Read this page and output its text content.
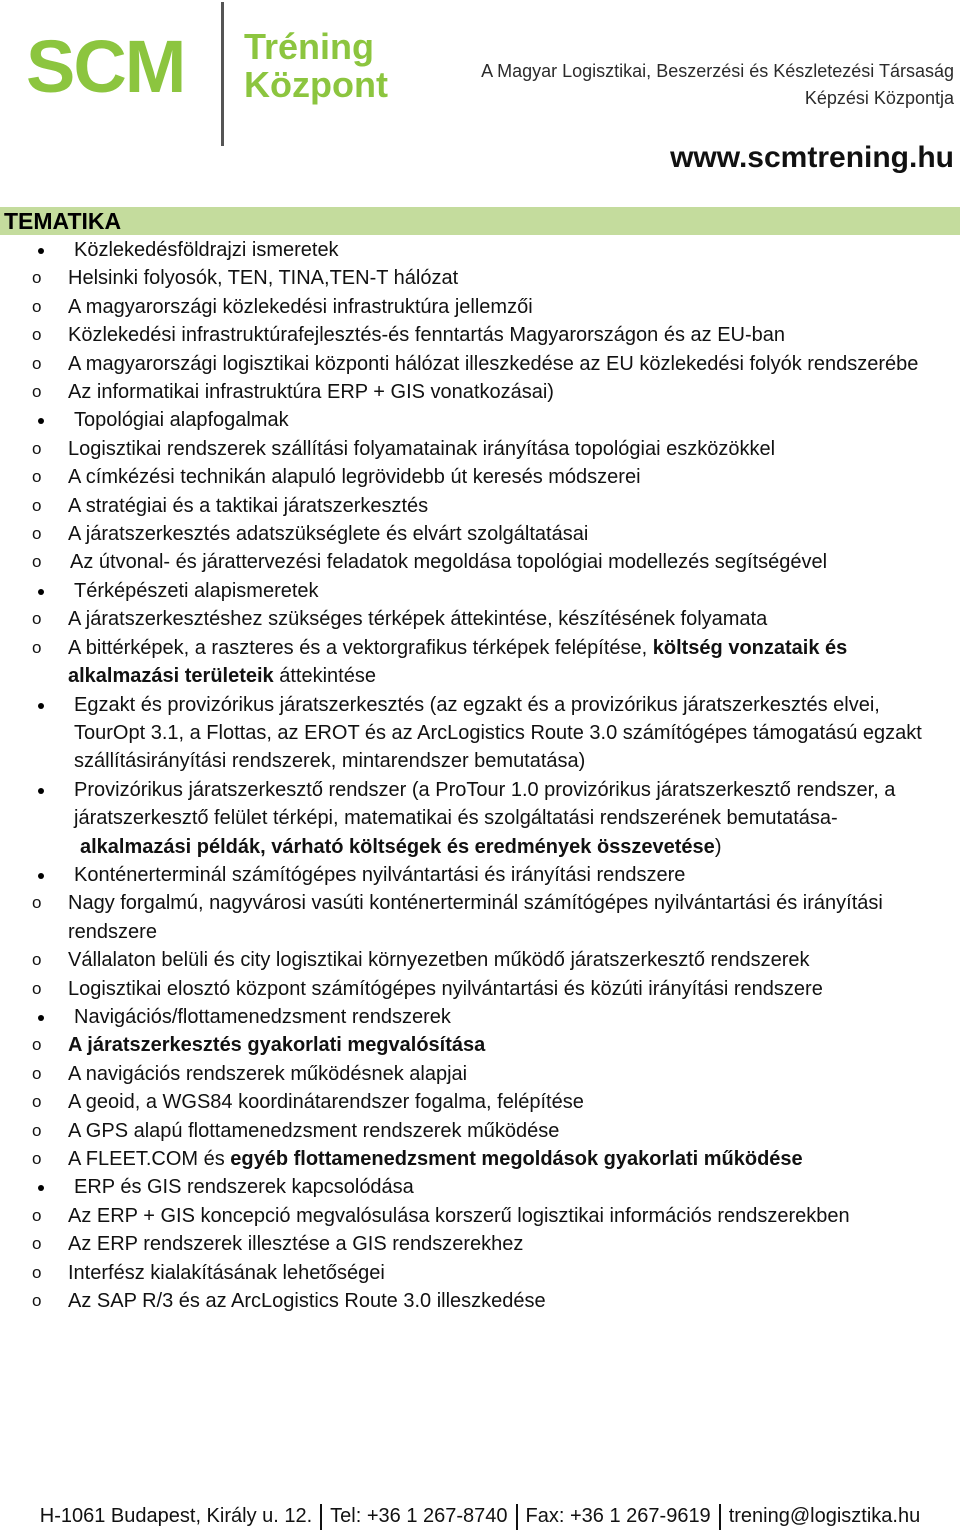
SCM Tréning
Központ	A Magyar Logisztikai, Beszerzési és Készletezési Társaság
Képzési Központja
www.scmtrening.hu
TEMATIKA
Közlekedésföldrajzi ismeretek
o Helsinki folyosók, TEN, TINA,TEN-T hálózat
o A magyarországi közlekedési infrastruktúra jellemzői
o Közlekedési infrastruktúrafejlesztés-és fenntartás Magyarországon és az EU-ban
o A magyarországi logisztikai központi hálózat illeszkedése az EU közlekedési folyók rendszerébe
o Az informatikai infrastruktúra ERP + GIS vonatkozásai)
Topológiai alapfogalmak
o Logisztikai rendszerek szállítási folyamatainak irányítása topológiai eszközökkel
o A címkézési technikán alapuló legrövidebb út keresés módszerei
o A stratégiai és a taktikai járatszerkesztés
o A járatszerkesztés adatszükséglete és elvárt szolgáltatásai
o Az útvonal- és járattervezési feladatok megoldása topológiai modellezés segítségével
Térképészeti alapismeretek
o A járatszerkesztéshez szükséges térképek áttekintése, készítésének folyamata
o A bittérképek, a raszteres és a vektorgrafikus térképek felépítése, költség vonzataik és alkalmazási területeik áttekintése
Egzakt és provizórikus járatszerkesztés (az egzakt és a provizórikus járatszerkesztés elvei, TourOpt 3.1, a Flottas, az EROT és az ArcLogistics Route 3.0 számítógépes támogatású egzakt szállításirányítási rendszerek, mintarendszer bemutatása)
Provizórikus járatszerkesztő rendszer (a ProTour 1.0 provizórikus járatszerkesztő rendszer, a járatszerkesztő felület térképi, matematikai és szolgáltatási rendszerének bemutatása-
alkalmazási példák, várható költségek és eredmények összevetése)
Konténerterminál számítógépes nyilvántartási és irányítási rendszere
o Nagy forgalmú, nagyvárosi vasúti konténerterminál számítógépes nyilvántartási és irányítási rendszere
o Vállalaton belüli és city logisztikai környezetben működő járatszerkesztő rendszerek
o Logisztikai elosztó központ számítógépes nyilvántartási és közúti irányítási rendszere
Navigációs/flottamenedzsment rendszerek
o A járatszerkesztés gyakorlati megvalósítása
o A navigációs rendszerek működésnek alapjai
o A geoid, a WGS84 koordinátarendszer fogalma, felépítése
o A GPS alapú flottamenedzsment rendszerek működése
o A FLEET.COM és egyéb flottamenedzsment megoldások gyakorlati működése
ERP és GIS rendszerek kapcsolódása
o Az ERP + GIS koncepció megvalósulása korszerű logisztikai információs rendszerekben
o Az ERP rendszerek illesztése a GIS rendszerekhez
o Interfész kialakításának lehetőségei
o Az SAP R/3 és az ArcLogistics Route 3.0 illeszkedése
H-1061 Budapest, Király u. 12. Tel: +36 1 267-8740 Fax: +36 1 267-9619 trening@logisztika.hu
